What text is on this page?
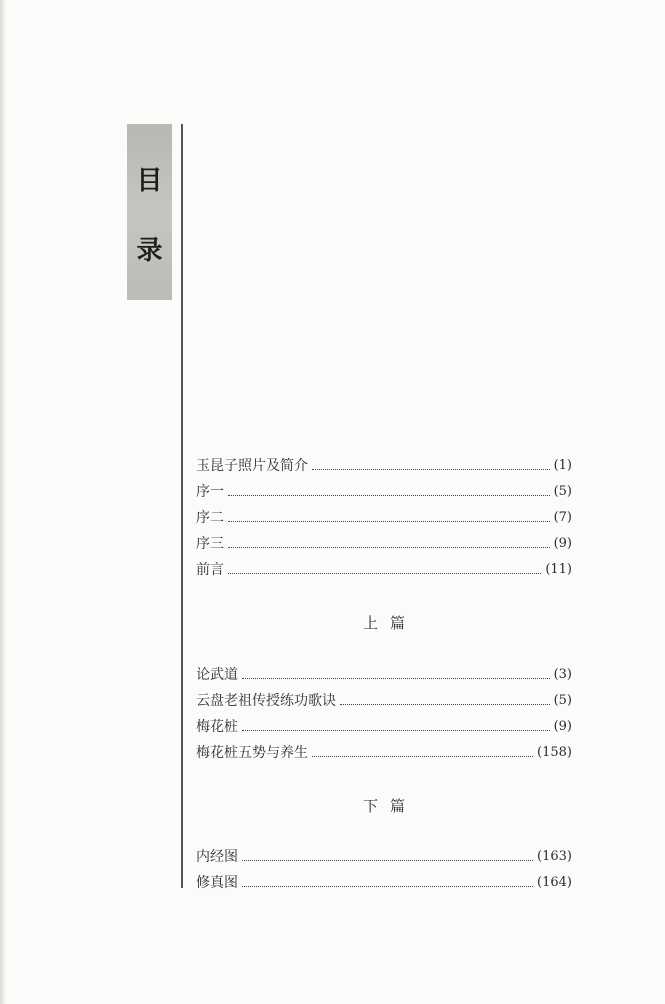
目
录
玉昆子照片及简介	(1)
序一	(5)
序二	(7)
序三	(9)
前言	(11)
上篇
论武道	(3)
云盘老祖传授练功歌诀	(5)
梅花桩	(9)
梅花桩五势与养生	(158)
下篇
内经图	(163)
修真图	(164)
